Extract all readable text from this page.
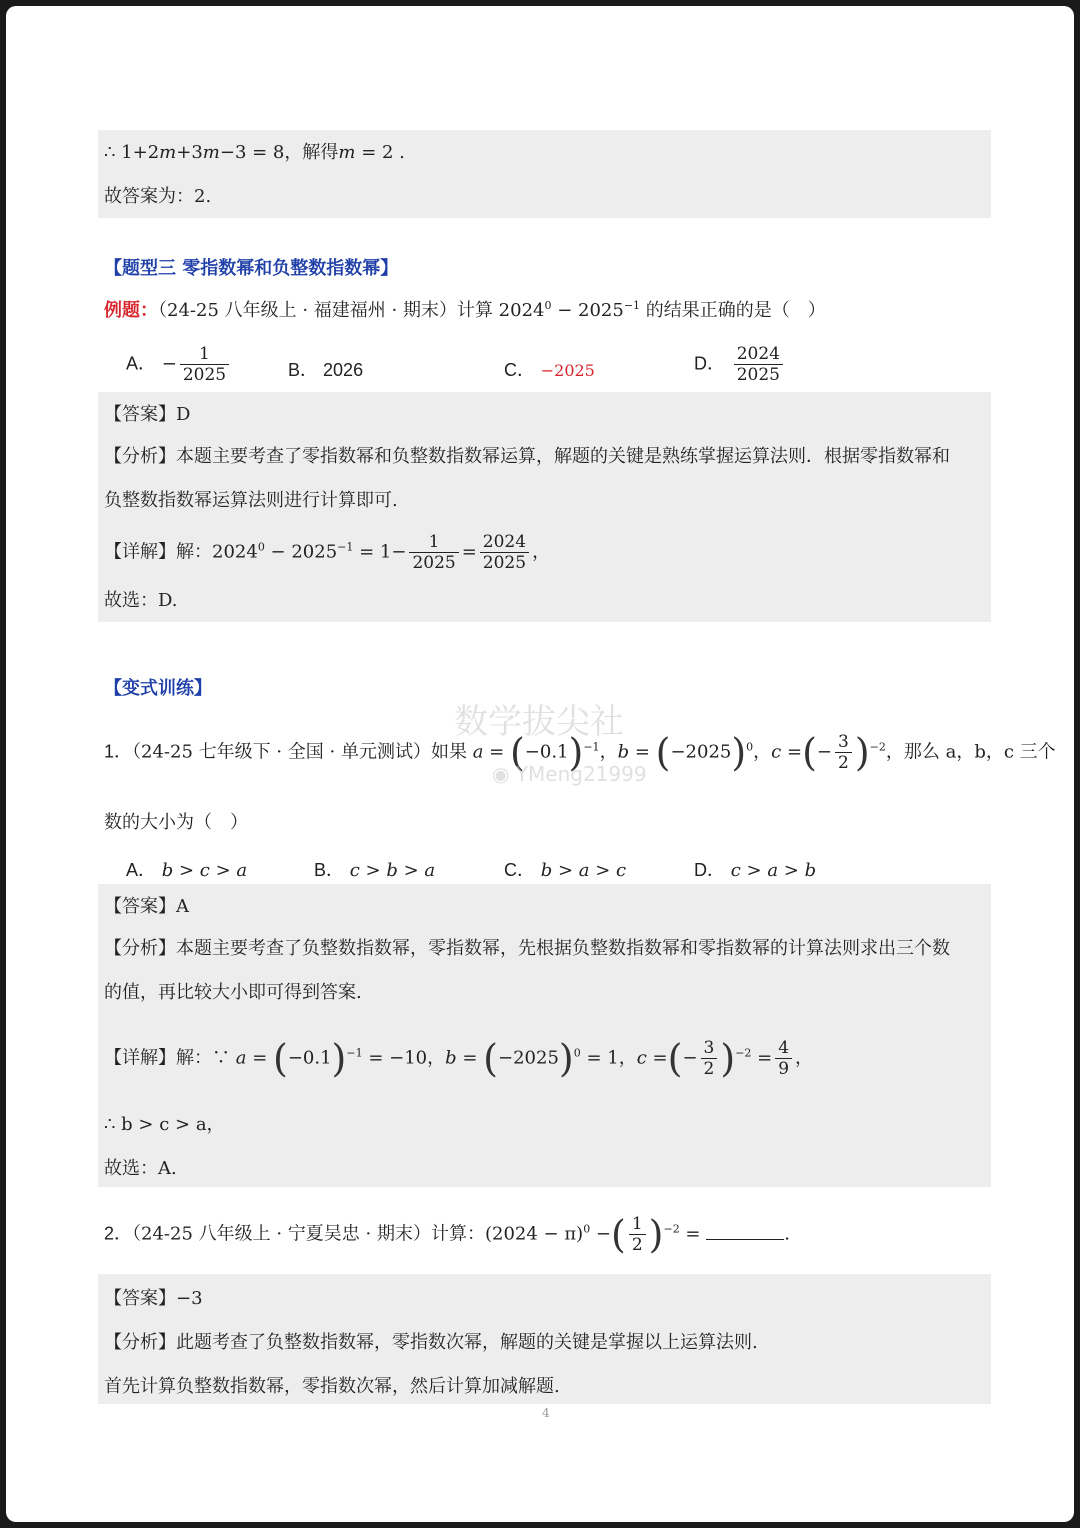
∴ 1+2m+3m−3 = 8，解得m = 2 .
故答案为：2.
【题型三 零指数幂和负整数指数幂】
例题：（24-25 八年级上 · 福建福州 · 期末）计算 $2024^0 - 2025^{-1}$ 的结果正确的是（　）
A． − $\frac{1}{2025}$	B． 2026	C． −2025	D． $\frac{2024}{2025}$
【答案】D
【分析】本题主要考查了零指数幂和负整数指数幂运算，解题的关键是熟练掌握运算法则．根据零指数幂和
负整数指数幂运算法则进行计算即可.
【详解】解：$2024^0 - 2025^{-1} = 1- \frac{1}{2025} = \frac{2024}{2025}$ ，
故选：D.
【变式训练】
1．（24-25 七年级下 · 全国 · 单元测试）如果 $a = (-0.1)^{-1}$，$b = (-2025)^0$，c =(− $\frac{3}{2} )^{-2}$，那么 a，b，c 三个
数的大小为（　）
A． b > c > a	B． c > b > a	C． b > a > c	D． c > a > b
【答案】A
【分析】本题主要考查了负整数指数幂，零指数幂，先根据负整数指数幂和零指数幂的计算法则求出三个数
的值，再比较大小即可得到答案.
【详解】解：∵ $a = (-0.1)^{-1} = -10$，$b = (-2025)^0 = 1$，c =(− $\frac{3}{2} )^{-2} = \frac{4}{9}$ ，
∴ b > c > a，
故选：A.
2．（24-25 八年级上 · 宁夏吴忠 · 期末）计算：$(2024 - \pi)^0$ −( $\frac{1}{2} )^{-2}$ =	.
【答案】−3
【分析】此题考查了负整数指数幂，零指数次幂，解题的关键是掌握以上运算法则.
首先计算负整数指数幂，零指数次幂，然后计算加减解题.
数学拔尖社
◉ YMeng21999
4
